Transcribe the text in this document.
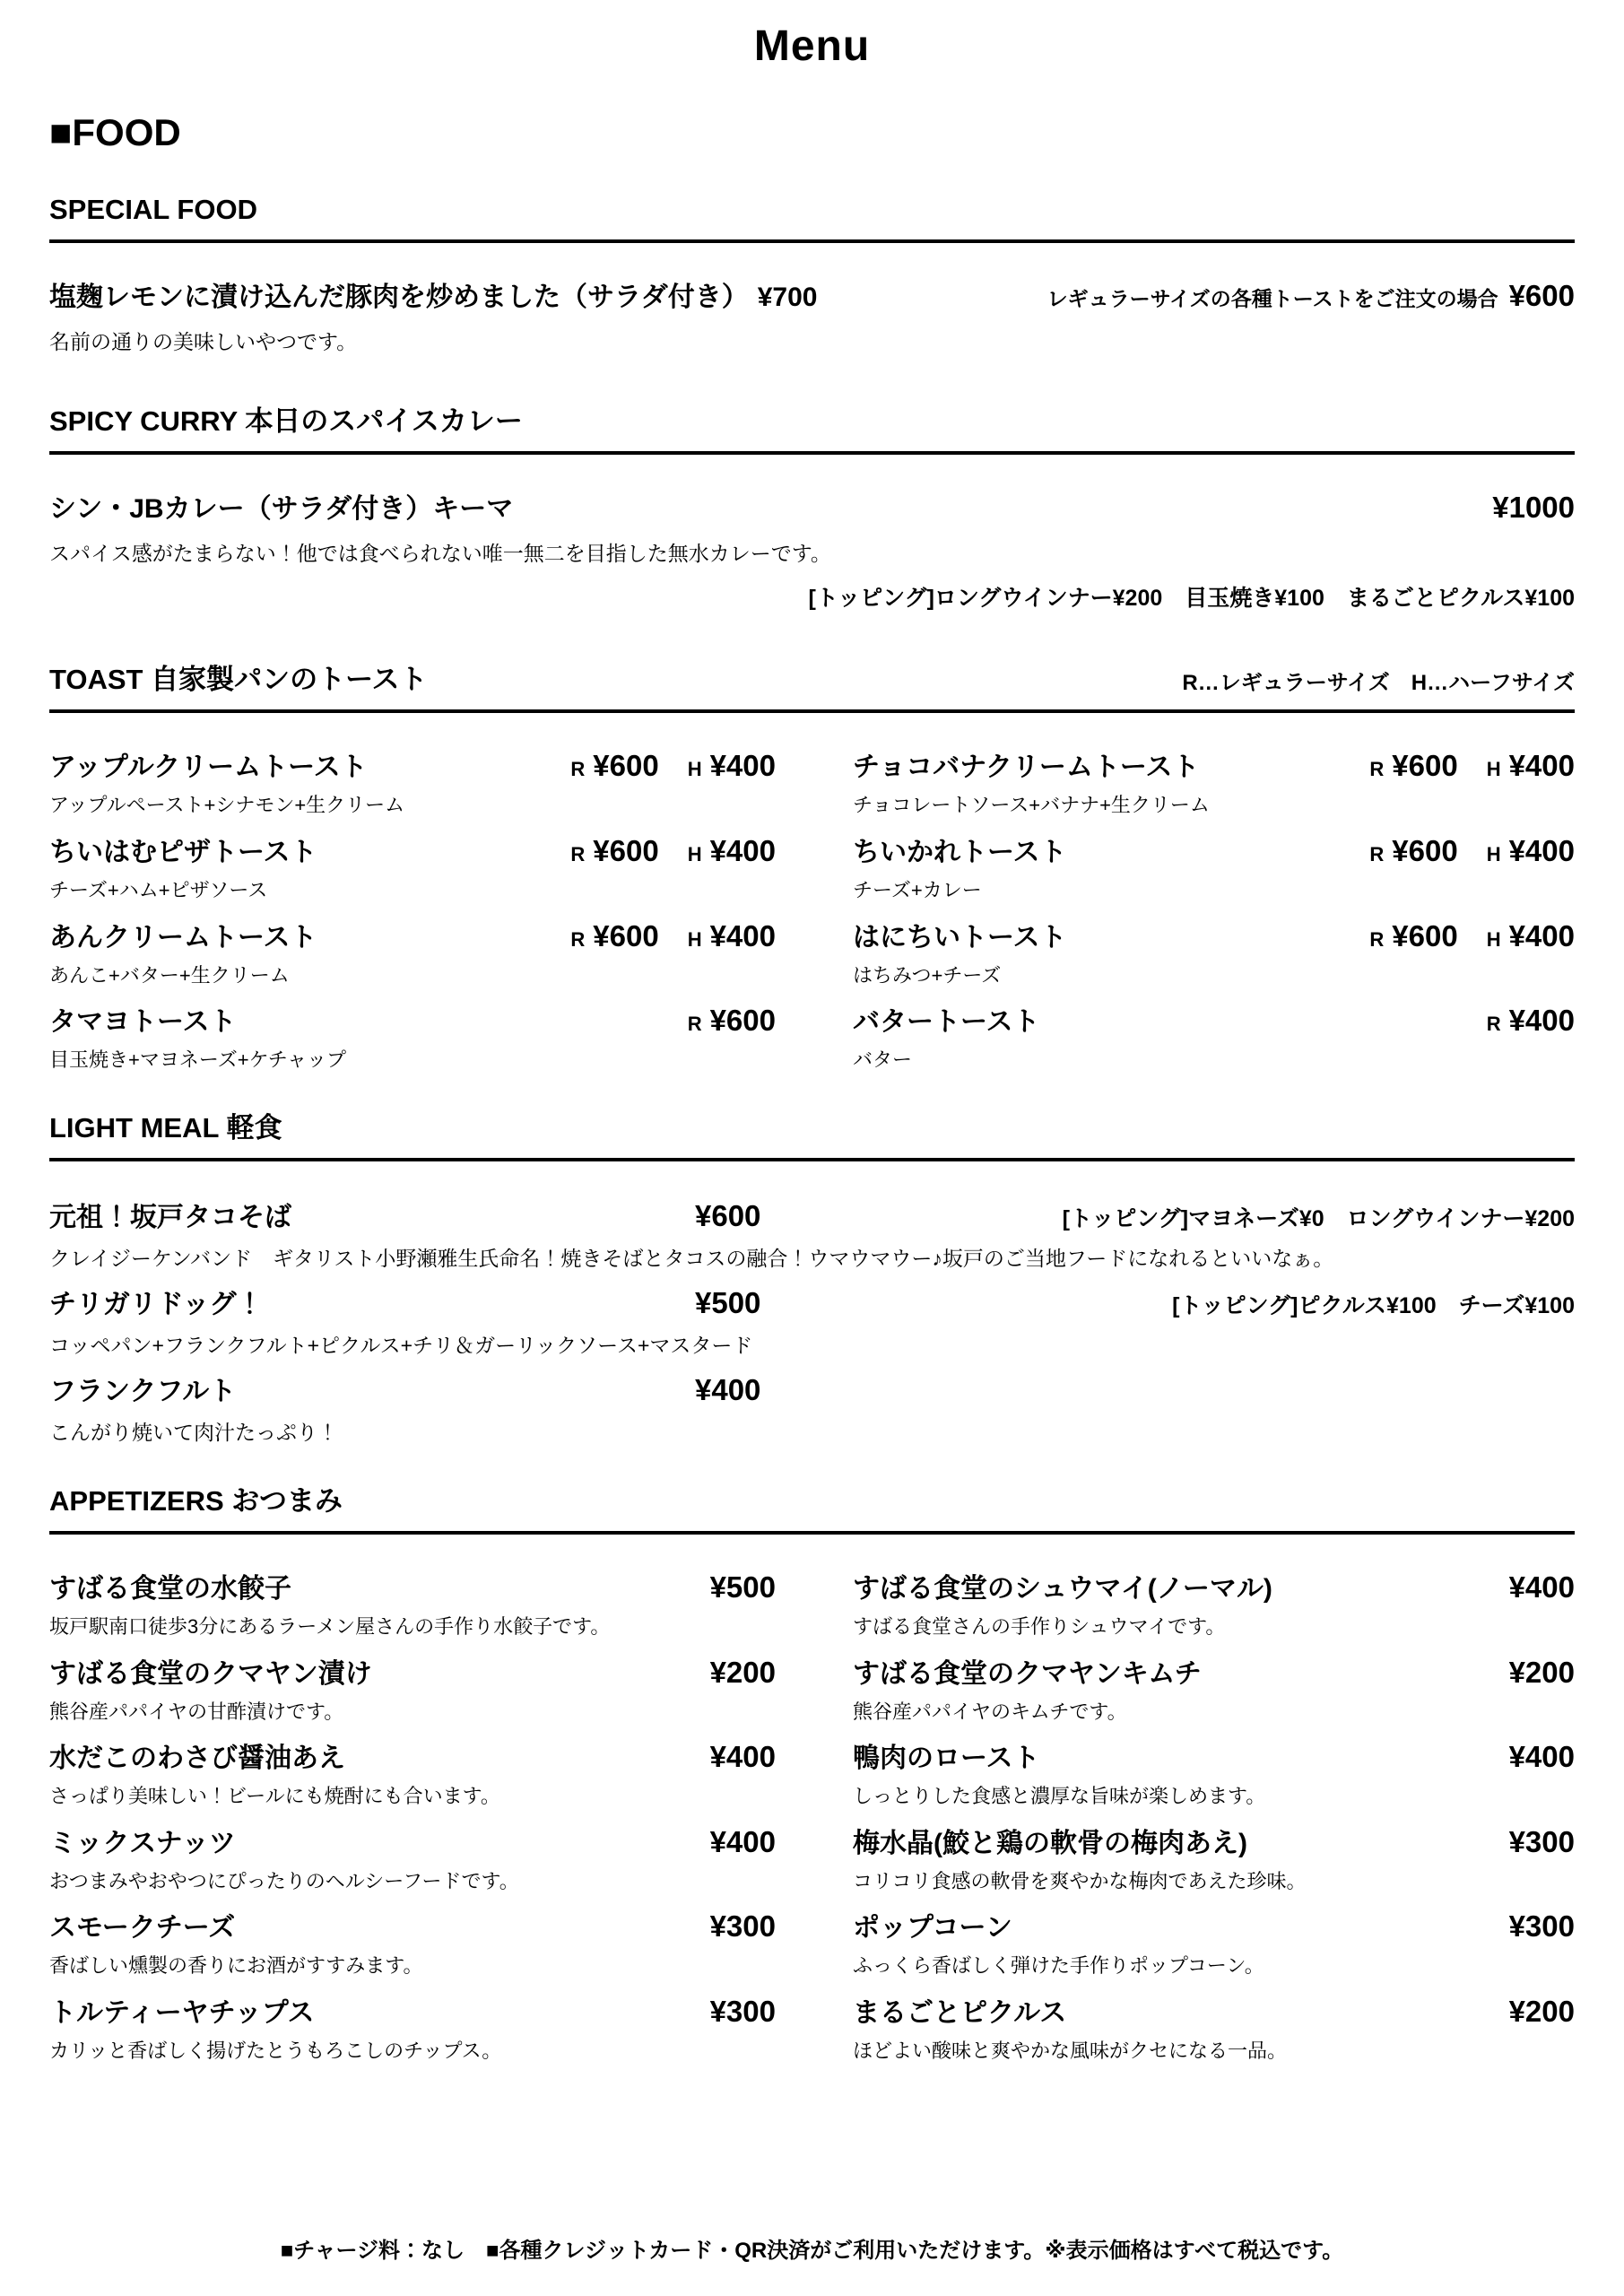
Menu
■FOOD
SPECIAL FOOD
塩麹レモンに漬け込んだ豚肉を炒めました（サラダ付き） ¥700	レギュラーサイズの各種トーストをご注文の場合 ¥600
名前の通りの美味しいやつです。
SPICY CURRY 本日のスパイスカレー
シン・JBカレー（サラダ付き）キーマ	¥1000
スパイス感がたまらない！他では食べられない唯一無二を目指した無水カレーです。
[トッピング]ロングウインナー¥200　目玉焼き¥100　まるごとピクルス¥100
TOAST 自家製パンのトースト	R…レギュラーサイズ　H…ハーフサイズ
アップルクリームトースト	R ¥600 H ¥400
アップルペースト+シナモン+生クリーム
ちいはむピザトースト	R ¥600 H ¥400
チーズ+ハム+ピザソース
あんクリームトースト	R ¥600 H ¥400
あんこ+バター+生クリーム
タマヨトースト	R ¥600
目玉焼き+マヨネーズ+ケチャップ
チョコバナクリームトースト	R ¥600 H ¥400
チョコレートソース+バナナ+生クリーム
ちいかれトースト	R ¥600 H ¥400
チーズ+カレー
はにちいトースト	R ¥600 H ¥400
はちみつ+チーズ
バタートースト	R ¥400
バター
LIGHT MEAL 軽食
元祖！坂戸タコそば	¥600	[トッピング]マヨネーズ¥0　ロングウインナー¥200
クレイジーケンバンド　ギタリスト小野瀬雅生氏命名！焼きそばとタコスの融合！ウマウマウー♪坂戸のご当地フードになれるといいなぁ。
チリガリドッグ！	¥500	[トッピング]ピクルス¥100　チーズ¥100
コッペパン+フランクフルト+ピクルス+チリ＆ガーリックソース+マスタード
フランクフルト	¥400
こんがり焼いて肉汁たっぷり！
APPETIZERS おつまみ
すばる食堂の水餃子	¥500
坂戸駅南口徒歩3分にあるラーメン屋さんの手作り水餃子です。
すばる食堂のクマヤン漬け	¥200
熊谷産パパイヤの甘酢漬けです。
水だこのわさび醤油あえ	¥400
さっぱり美味しい！ビールにも焼酎にも合います。
ミックスナッツ	¥400
おつまみやおやつにぴったりのヘルシーフードです。
スモークチーズ	¥300
香ばしい燻製の香りにお酒がすすみます。
トルティーヤチップス	¥300
カリッと香ばしく揚げたとうもろこしのチップス。
すばる食堂のシュウマイ(ノーマル)	¥400
すばる食堂さんの手作りシュウマイです。
すばる食堂のクマヤンキムチ	¥200
熊谷産パパイヤのキムチです。
鴨肉のロースト	¥400
しっとりした食感と濃厚な旨味が楽しめます。
梅水晶(鮫と鶏の軟骨の梅肉あえ)	¥300
コリコリ食感の軟骨を爽やかな梅肉であえた珍味。
ポップコーン	¥300
ふっくら香ばしく弾けた手作りポップコーン。
まるごとピクルス	¥200
ほどよい酸味と爽やかな風味がクセになる一品。
■チャージ料：なし　■各種クレジットカード・QR決済がご利用いただけます。※表示価格はすべて税込です。
